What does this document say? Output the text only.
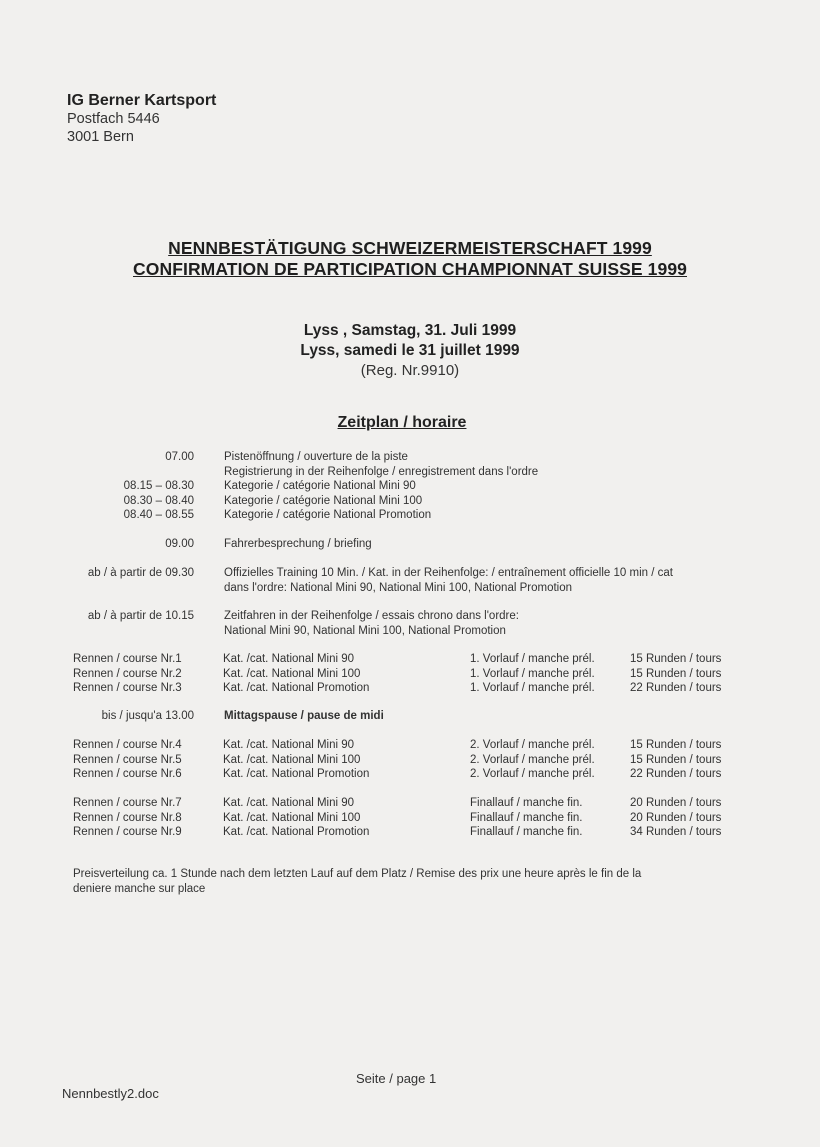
IG Berner Kartsport
Postfach 5446
3001 Bern
NENNBESTÄTIGUNG SCHWEIZERMEISTERSCHAFT 1999
CONFIRMATION DE PARTICIPATION CHAMPIONNAT SUISSE 1999
Lyss , Samstag, 31. Juli 1999
Lyss, samedi le 31 juillet 1999
(Reg. Nr.9910)
Zeitplan / horaire
07.00	Pistenöffnung / ouverture de la piste
Registrierung in der Reihenfolge / enregistrement dans l'ordre
08.15 – 08.30	Kategorie / catégorie National Mini 90
08.30 – 08.40	Kategorie / catégorie National Mini 100
08.40 – 08.55	Kategorie / catégorie National Promotion
09.00	Fahrerbesprechung / briefing
ab / à partir de 09.30	Offizielles Training 10 Min. / Kat. in der Reihenfolge: / entraînement officielle 10 min / cat
dans l'ordre: National Mini 90, National Mini 100, National Promotion
ab / à partir de 10.15	Zeitfahren in der Reihenfolge / essais chrono dans l'ordre:
National Mini 90, National Mini 100, National Promotion
Rennen / course Nr.1	Kat. /cat. National Mini 90	1. Vorlauf / manche prél.	15 Runden / tours
Rennen / course Nr.2	Kat. /cat. National Mini 100	1. Vorlauf / manche prél.	15 Runden / tours
Rennen / course Nr.3	Kat. /cat. National Promotion	1. Vorlauf / manche prél.	22 Runden / tours
bis / jusqu'a 13.00	Mittagspause / pause de midi
Rennen / course Nr.4	Kat. /cat. National Mini 90	2. Vorlauf / manche prél.	15 Runden / tours
Rennen / course Nr.5	Kat. /cat. National Mini 100	2. Vorlauf / manche prél.	15 Runden / tours
Rennen / course Nr.6	Kat. /cat. National Promotion	2. Vorlauf / manche prél.	22 Runden / tours
Rennen / course Nr.7	Kat. /cat. National Mini 90	Finallauf / manche fin.	20 Runden / tours
Rennen / course Nr.8	Kat. /cat. National Mini 100	Finallauf / manche fin.	20 Runden / tours
Rennen / course Nr.9	Kat. /cat. National Promotion	Finallauf / manche fin.	34 Runden / tours
Preisverteilung ca. 1 Stunde nach dem letzten Lauf auf dem Platz / Remise des prix une heure après le fin de la
deniere manche sur place
Seite / page 1
Nennbestly2.doc
